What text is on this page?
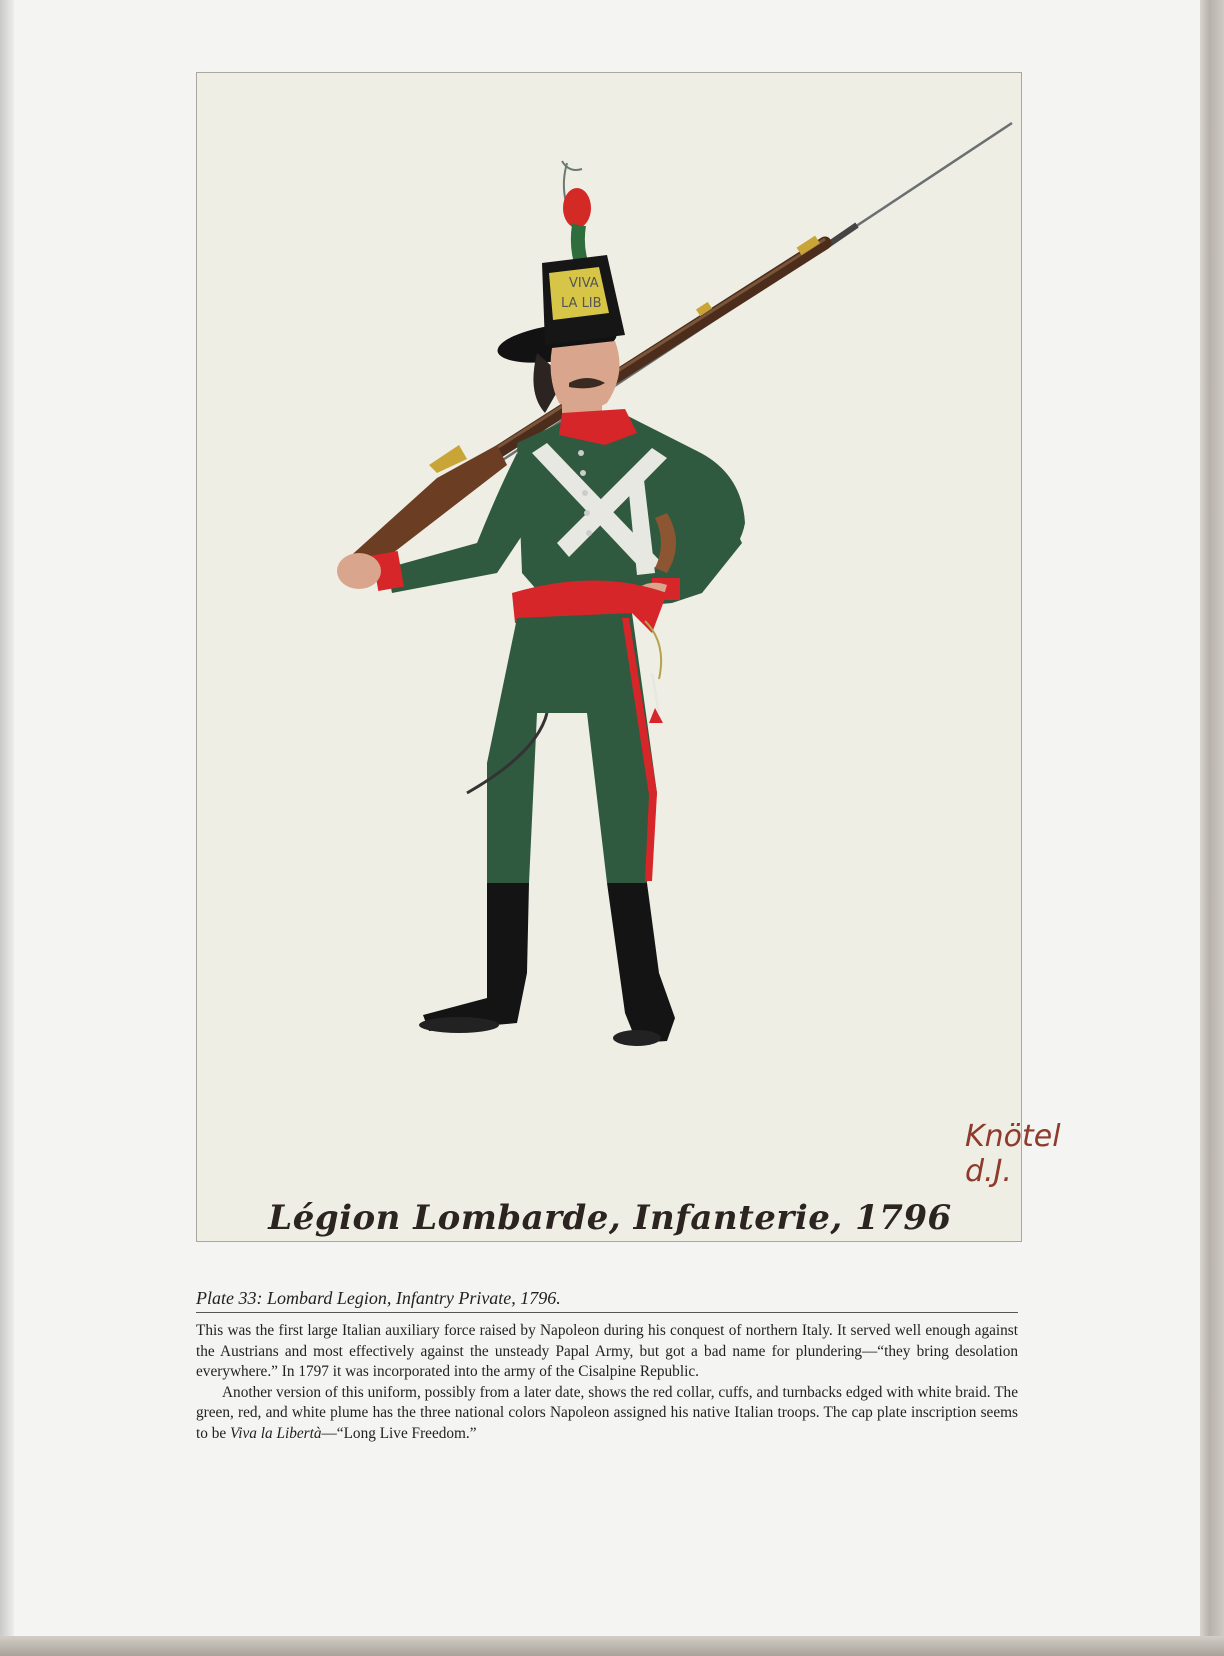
VIVA
LA LIB
Knötel d.J.

Légion Lombarde, Infanterie, 1796

Plate 33: Lombard Legion, Infantry Private, 1796.

This was the first large Italian auxiliary force raised by Napoleon during his conquest of northern Italy. It served well enough against the Austrians and most effectively against the unsteady Papal Army, but got a bad name for plundering—“they bring desolation everywhere.” In 1797 it was incorporated into the army of the Cisalpine Republic.

Another version of this uniform, possibly from a later date, shows the red collar, cuffs, and turnbacks edged with white braid. The green, red, and white plume has the three national colors Napoleon assigned his native Italian troops. The cap plate inscription seems to be Viva la Libertà—“Long Live Freedom.”
